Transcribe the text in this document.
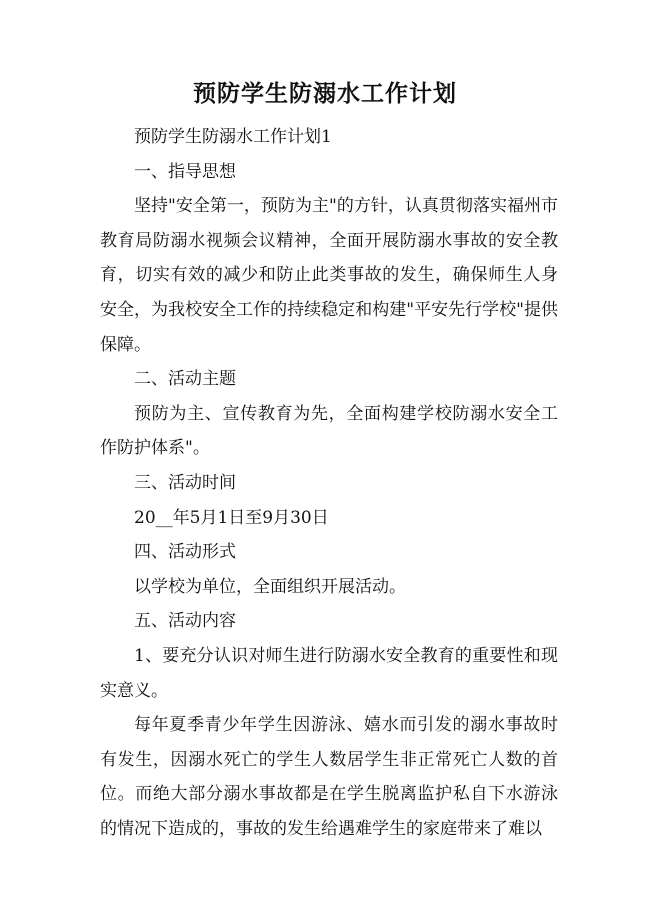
预防学生防溺水工作计划

预防学生防溺水工作计划1

一、指导思想

坚持"安全第一，预防为主"的方针，认真贯彻落实福州市教育局防溺水视频会议精神，全面开展防溺水事故的安全教育，切实有效的减少和防止此类事故的发生，确保师生人身安全，为我校安全工作的持续稳定和构建"平安先行学校"提供保障。

二、活动主题

预防为主、宣传教育为先，全面构建学校防溺水安全工作防护体系"。

三、活动时间

20__年5月1日至9月30日

四、活动形式

以学校为单位，全面组织开展活动。

五、活动内容

1、要充分认识对师生进行防溺水安全教育的重要性和现实意义。

每年夏季青少年学生因游泳、嬉水而引发的溺水事故时有发生，因溺水死亡的学生人数居学生非正常死亡人数的首位。而绝大部分溺水事故都是在学生脱离监护私自下水游泳的情况下造成的，事故的发生给遇难学生的家庭带来了难以
